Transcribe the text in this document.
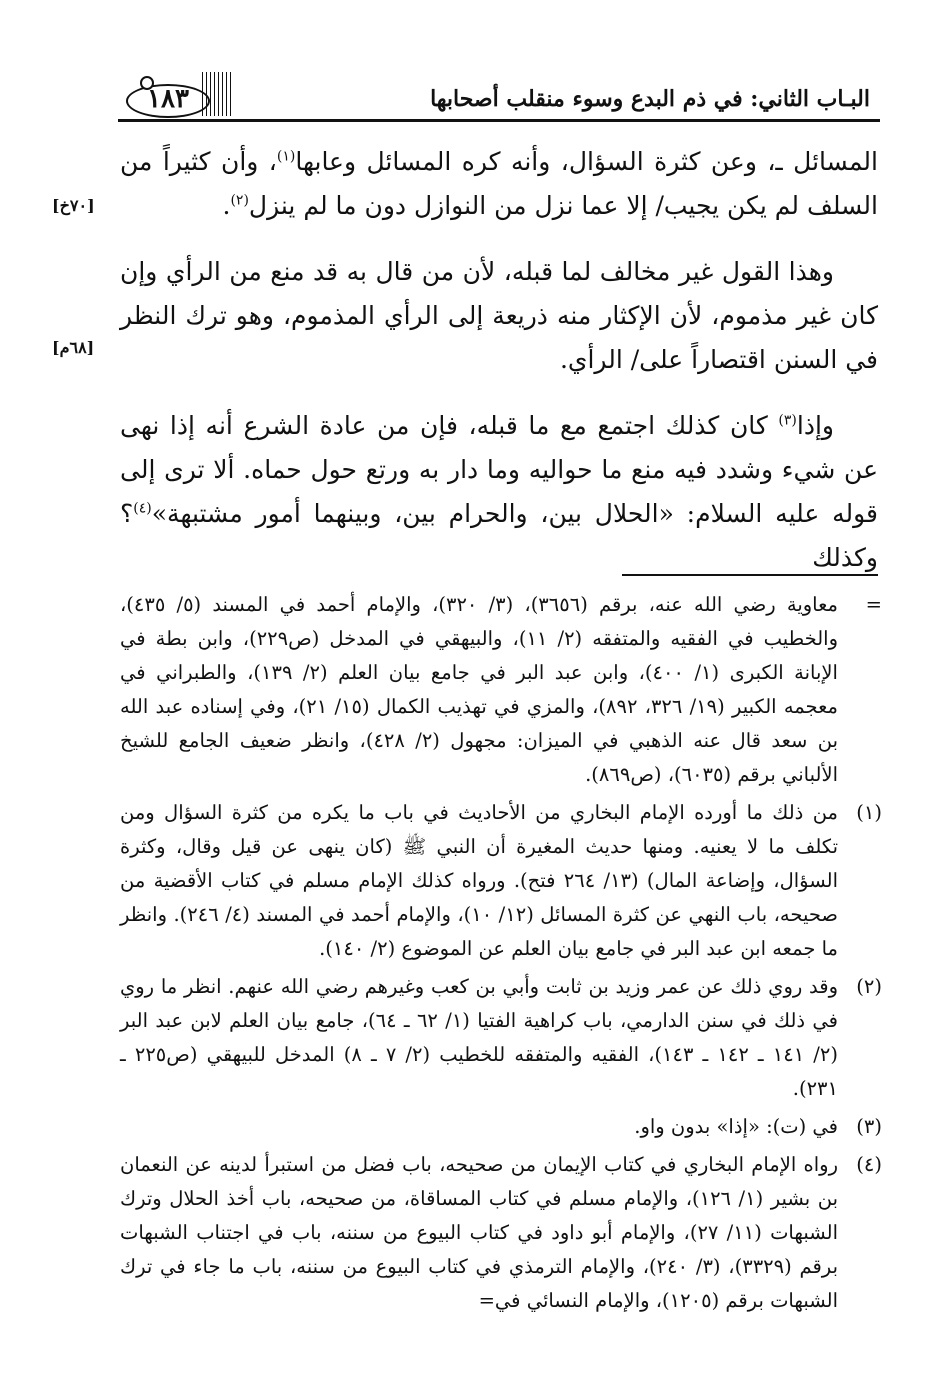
١٨٣	البـاب الثاني: في ذم البدع وسوء منقلب أصحابها
[٧٠خ]
[٦٨م]

المسائل ـ، وعن كثرة السؤال، وأنه كره المسائل وعابها$^{(١)}$، وأن كثيراً من السلف لم يكن يجيب/ إلا عما نزل من النوازل دون ما لم ينزل$^{(٢)}$.

وهذا القول غير مخالف لما قبله، لأن من قال به قد منع من الرأي وإن كان غير مذموم، لأن الإكثار منه ذريعة إلى الرأي المذموم، وهو ترك النظر في السنن اقتصاراً على/ الرأي.

وإذا$^{(٣)}$ كان كذلك اجتمع مع ما قبله، فإن من عادة الشرع أنه إذا نهى عن شيء وشدد فيه منع ما حواليه وما دار به ورتع حول حماه. ألا ترى إلى قوله عليه السلام: «الحلال بين، والحرام بين، وبينهما أمور مشتبهة»$^{(٤)}$؟ وكذلك

=
معاوية رضي الله عنه، برقم (٣٦٥٦)، (٣/ ٣٢٠)، والإمام أحمد في المسند (٥/ ٤٣٥)، والخطيب في الفقيه والمتفقه (٢/ ١١)، والبيهقي في المدخل (ص٢٢٩)، وابن بطة في الإبانة الكبرى (١/ ٤٠٠)، وابن عبد البر في جامع بيان العلم (٢/ ١٣٩)، والطبراني في معجمه الكبير (١٩/ ٣٢٦، ٨٩٢)، والمزي في تهذيب الكمال (١٥/ ٢١)، وفي إسناده عبد الله بن سعد قال عنه الذهبي في الميزان: مجهول (٢/ ٤٢٨)، وانظر ضعيف الجامع للشيخ الألباني برقم (٦٠٣٥)، (ص٨٦٩).
(١)
من ذلك ما أورده الإمام البخاري من الأحاديث في باب ما يكره من كثرة السؤال ومن تكلف ما لا يعنيه. ومنها حديث المغيرة أن النبي ﷺ (كان ينهى عن قيل وقال، وكثرة السؤال، وإضاعة المال) (١٣/ ٢٦٤ فتح). ورواه كذلك الإمام مسلم في كتاب الأقضية من صحيحه، باب النهي عن كثرة المسائل (١٢/ ١٠)، والإمام أحمد في المسند (٤/ ٢٤٦). وانظر ما جمعه ابن عبد البر في جامع بيان العلم عن الموضوع (٢/ ١٤٠).
(٢)
وقد روي ذلك عن عمر وزيد بن ثابت وأبي بن كعب وغيرهم رضي الله عنهم. انظر ما روي في ذلك في سنن الدارمي، باب كراهية الفتيا (١/ ٦٢ ـ ٦٤)، جامع بيان العلم لابن عبد البر (٢/ ١٤١ ـ ١٤٢ ـ ١٤٣)، الفقيه والمتفقه للخطيب (٢/ ٧ ـ ٨) المدخل للبيهقي (ص٢٢٥ ـ ٢٣١).
(٣)
في (ت): «إذا» بدون واو.
(٤)
رواه الإمام البخاري في كتاب الإيمان من صحيحه، باب فضل من استبرأ لدينه عن النعمان بن بشير (١/ ١٢٦)، والإمام مسلم في كتاب المساقاة، من صحيحه، باب أخذ الحلال وترك الشبهات (١١/ ٢٧)، والإمام أبو داود في كتاب البيوع من سننه، باب في اجتناب الشبهات برقم (٣٣٢٩)، (٣/ ٢٤٠)، والإمام الترمذي في كتاب البيوع من سننه، باب ما جاء في ترك الشبهات برقم (١٢٠٥)، والإمام النسائي في=
